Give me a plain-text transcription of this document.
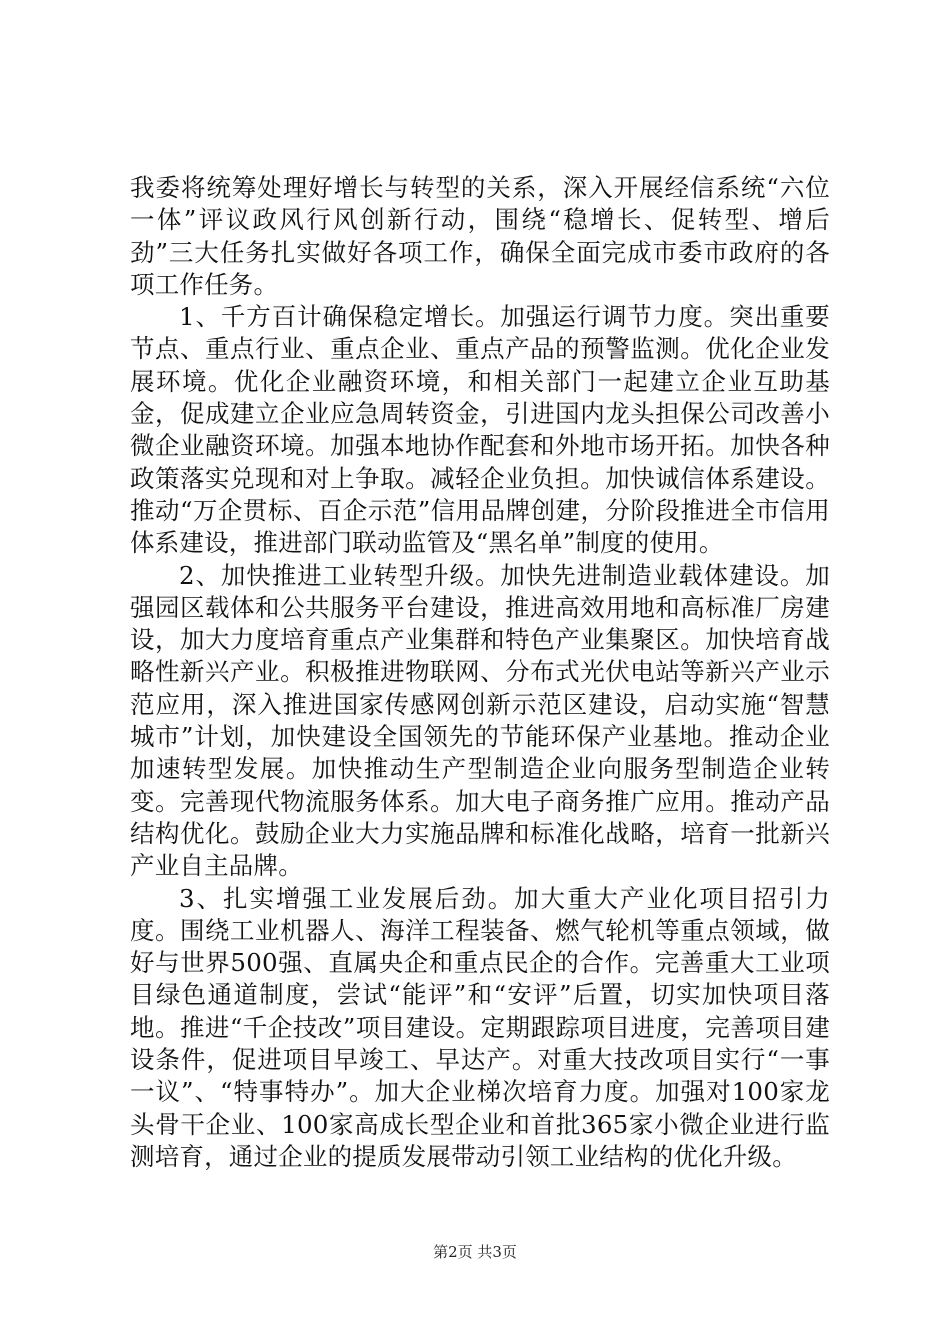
我委将统筹处理好增长与转型的关系，深入开展经信系统“六位一体”评议政风行风创新行动，围绕“稳增长、促转型、增后劲”三大任务扎实做好各项工作，确保全面完成市委市政府的各项工作任务。

1、千方百计确保稳定增长。加强运行调节力度。突出重要节点、重点行业、重点企业、重点产品的预警监测。优化企业发展环境。优化企业融资环境，和相关部门一起建立企业互助基金，促成建立企业应急周转资金，引进国内龙头担保公司改善小微企业融资环境。加强本地协作配套和外地市场开拓。加快各种政策落实兑现和对上争取。减轻企业负担。加快诚信体系建设。推动“万企贯标、百企示范”信用品牌创建，分阶段推进全市信用体系建设，推进部门联动监管及“黑名单”制度的使用。

2、加快推进工业转型升级。加快先进制造业载体建设。加强园区载体和公共服务平台建设，推进高效用地和高标准厂房建设，加大力度培育重点产业集群和特色产业集聚区。加快培育战略性新兴产业。积极推进物联网、分布式光伏电站等新兴产业示范应用，深入推进国家传感网创新示范区建设，启动实施“智慧城市”计划，加快建设全国领先的节能环保产业基地。推动企业加速转型发展。加快推动生产型制造企业向服务型制造企业转变。完善现代物流服务体系。加大电子商务推广应用。推动产品结构优化。鼓励企业大力实施品牌和标准化战略，培育一批新兴产业自主品牌。

3、扎实增强工业发展后劲。加大重大产业化项目招引力度。围绕工业机器人、海洋工程装备、燃气轮机等重点领域，做好与世界500强、直属央企和重点民企的合作。完善重大工业项目绿色通道制度，尝试“能评”和“安评”后置，切实加快项目落地。推进“千企技改”项目建设。定期跟踪项目进度，完善项目建设条件，促进项目早竣工、早达产。对重大技改项目实行“一事一议”、“特事特办”。加大企业梯次培育力度。加强对100家龙头骨干企业、100家高成长型企业和首批365家小微企业进行监测培育，通过企业的提质发展带动引领工业结构的优化升级。

第2页 共3页
